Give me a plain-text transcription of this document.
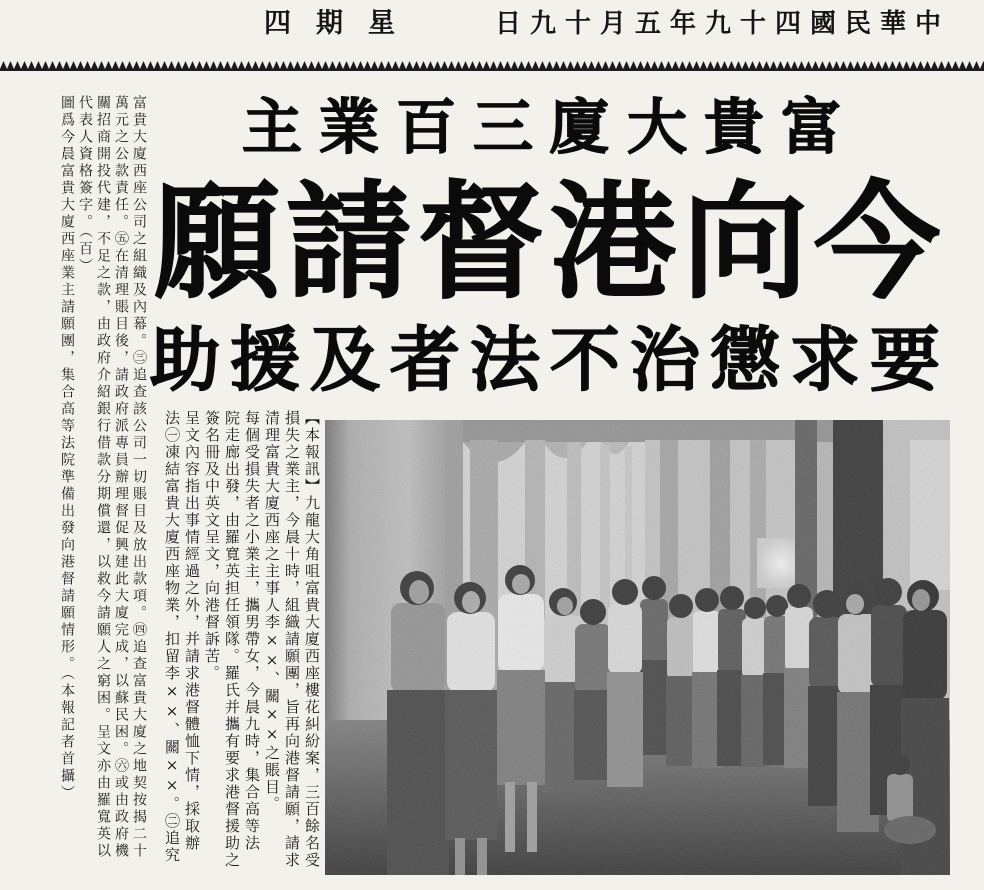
星期四	中華民國四十九年五月十九日
富貴大廈三百業主
今向港督請願
要求懲治不法者及援助
【本報訊】九龍大角咀富貴大廈西座樓花糾紛案，三百餘名受
損失之業主，今晨十時，組織請願團，旨再向港督請願，請求
清理富貴大廈西座之主事人李××、關××之賬目。
每個受損失者之小業主，攜男帶女，今晨九時，集合高等法
院走廊出發，由羅寬英担任領隊。羅氏并攜有要求港督援助之
簽名冊及中英文呈文，向港督訴苦。
呈文內容指出事情經過之外，并請求港督體恤下情，採取辦
法㊀凍結富貴大廈西座物業，扣留李××、關××。㊁追究
富貴大廈西座公司之組織及內幕。㊂追查該公司一切賬目及放出款項。㊃追查富貴大廈之地契按揭二十
萬元之公款責任。㊄在清理賬目後，請政府派專員辦理督促興建此大廈完成，以蘇民困。㊅或由政府機
關招商開投代建，不足之款，由政府介紹銀行借款分期償還，以救今請願人之窮困。呈文亦由羅寬英以
代表人資格簽字。（百）
圖爲今晨富貴大廈西座業主請願團，集合高等法院準備出發向港督請願情形。（本報記者首攝）
